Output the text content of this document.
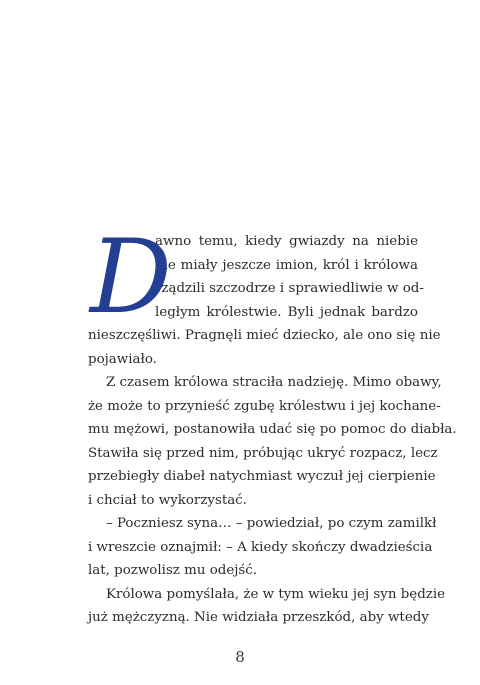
D
awno temu, kiedy gwiazdy na niebie
nie miały jeszcze imion, król i królowa
rządzili szczodrze i sprawiedliwie w od-
ległym królestwie. Byli jednak bardzo
nieszczęśliwi. Pragnęli mieć dziecko, ale ono się nie
pojawiało.
Z czasem królowa straciła nadzieję. Mimo obawy,
że może to przynieść zgubę królestwu i jej kochane-
mu mężowi, postanowiła udać się po pomoc do diabła.
Stawiła się przed nim, próbując ukryć rozpacz, lecz
przebiegły diabeł natychmiast wyczuł jej cierpienie
i chciał to wykorzystać.
– Poczniesz syna… – powiedział, po czym zamilkł
i wreszcie oznajmił: – A kiedy skończy dwadzieścia
lat, pozwolisz mu odejść.
Królowa pomyślała, że w tym wieku jej syn będzie
już mężczyzną. Nie widziała przeszkód, aby wtedy
8
